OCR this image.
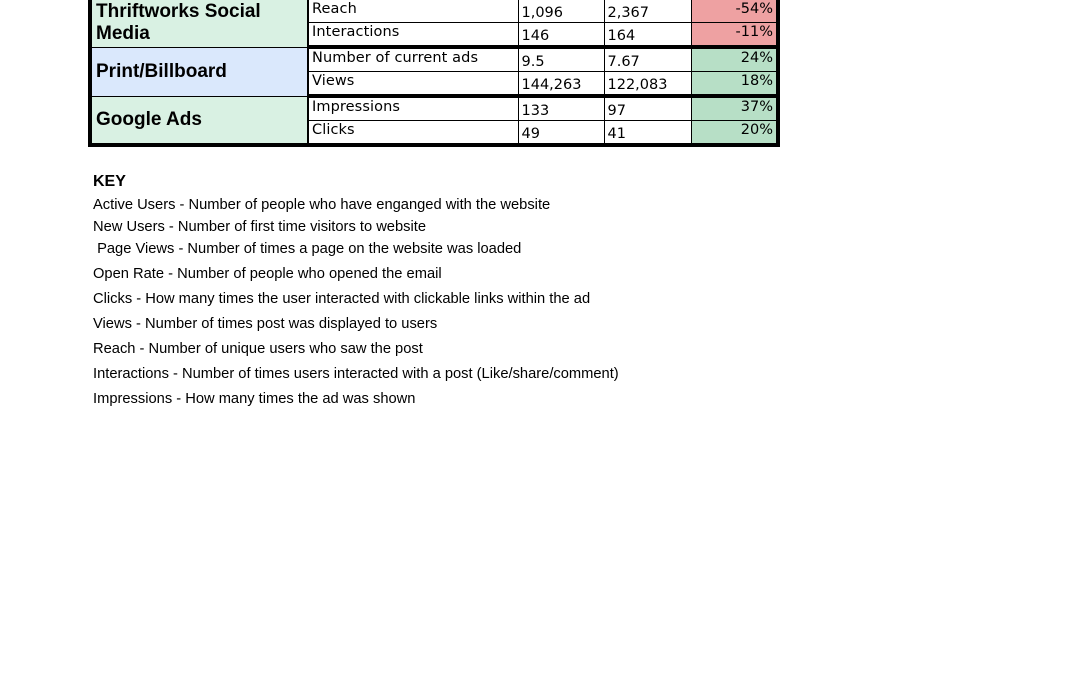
Thriftworks Social Media	Reach	1,096	2,367	-54%
	Interactions	146	164	-11%
Print/Billboard	Number of current ads	9.5	7.67	24%
	Views	144,263	122,083	18%
Google Ads	Impressions	133	97	37%
	Clicks	49	41	20%
KEY
Active Users - Number of people who have enganged with the website
New Users - Number of first time visitors to website
Page Views - Number of times a page on the website was loaded
Open Rate - Number of people who opened the email
Clicks - How many times the user interacted with clickable links within the ad
Views - Number of times post was displayed to users
Reach - Number of unique users who saw the post
Interactions - Number of times users interacted with a post (Like/share/comment)
Impressions - How many times the ad was shown
